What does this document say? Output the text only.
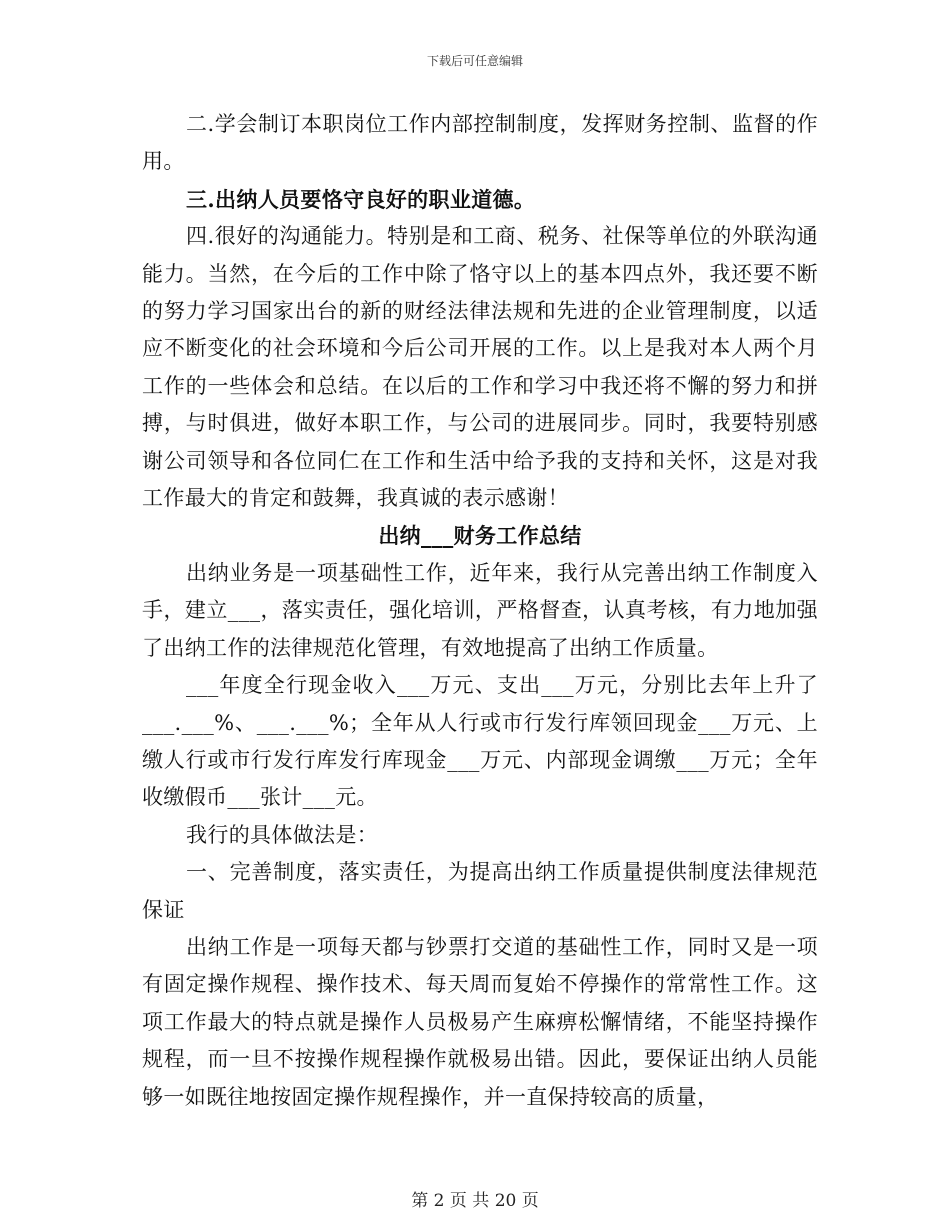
下载后可任意编辑

二.学会制订本职岗位工作内部控制制度，发挥财务控制、监督的作用。

三.出纳人员要恪守良好的职业道德。

四.很好的沟通能力。特别是和工商、税务、社保等单位的外联沟通能力。当然，在今后的工作中除了恪守以上的基本四点外，我还要不断的努力学习国家出台的新的财经法律法规和先进的企业管理制度，以适应不断变化的社会环境和今后公司开展的工作。以上是我对本人两个月工作的一些体会和总结。在以后的工作和学习中我还将不懈的努力和拼搏，与时俱进，做好本职工作，与公司的进展同步。同时，我要特别感谢公司领导和各位同仁在工作和生活中给予我的支持和关怀，这是对我工作最大的肯定和鼓舞，我真诚的表示感谢！

出纳___财务工作总结

出纳业务是一项基础性工作，近年来，我行从完善出纳工作制度入手，建立___，落实责任，强化培训，严格督查，认真考核，有力地加强了出纳工作的法律规范化管理，有效地提高了出纳工作质量。

___年度全行现金收入___万元、支出___万元，分别比去年上升了___.___%、___.___%；全年从人行或市行发行库领回现金___万元、上缴人行或市行发行库发行库现金___万元、内部现金调缴___万元；全年收缴假币___张计___元。

我行的具体做法是：

一、完善制度，落实责任，为提高出纳工作质量提供制度法律规范保证

出纳工作是一项每天都与钞票打交道的基础性工作，同时又是一项有固定操作规程、操作技术、每天周而复始不停操作的常常性工作。这项工作最大的特点就是操作人员极易产生麻痹松懈情绪，不能坚持操作规程，而一旦不按操作规程操作就极易出错。因此，要保证出纳人员能够一如既往地按固定操作规程操作，并一直保持较高的质量，

第 2 页 共 20 页
